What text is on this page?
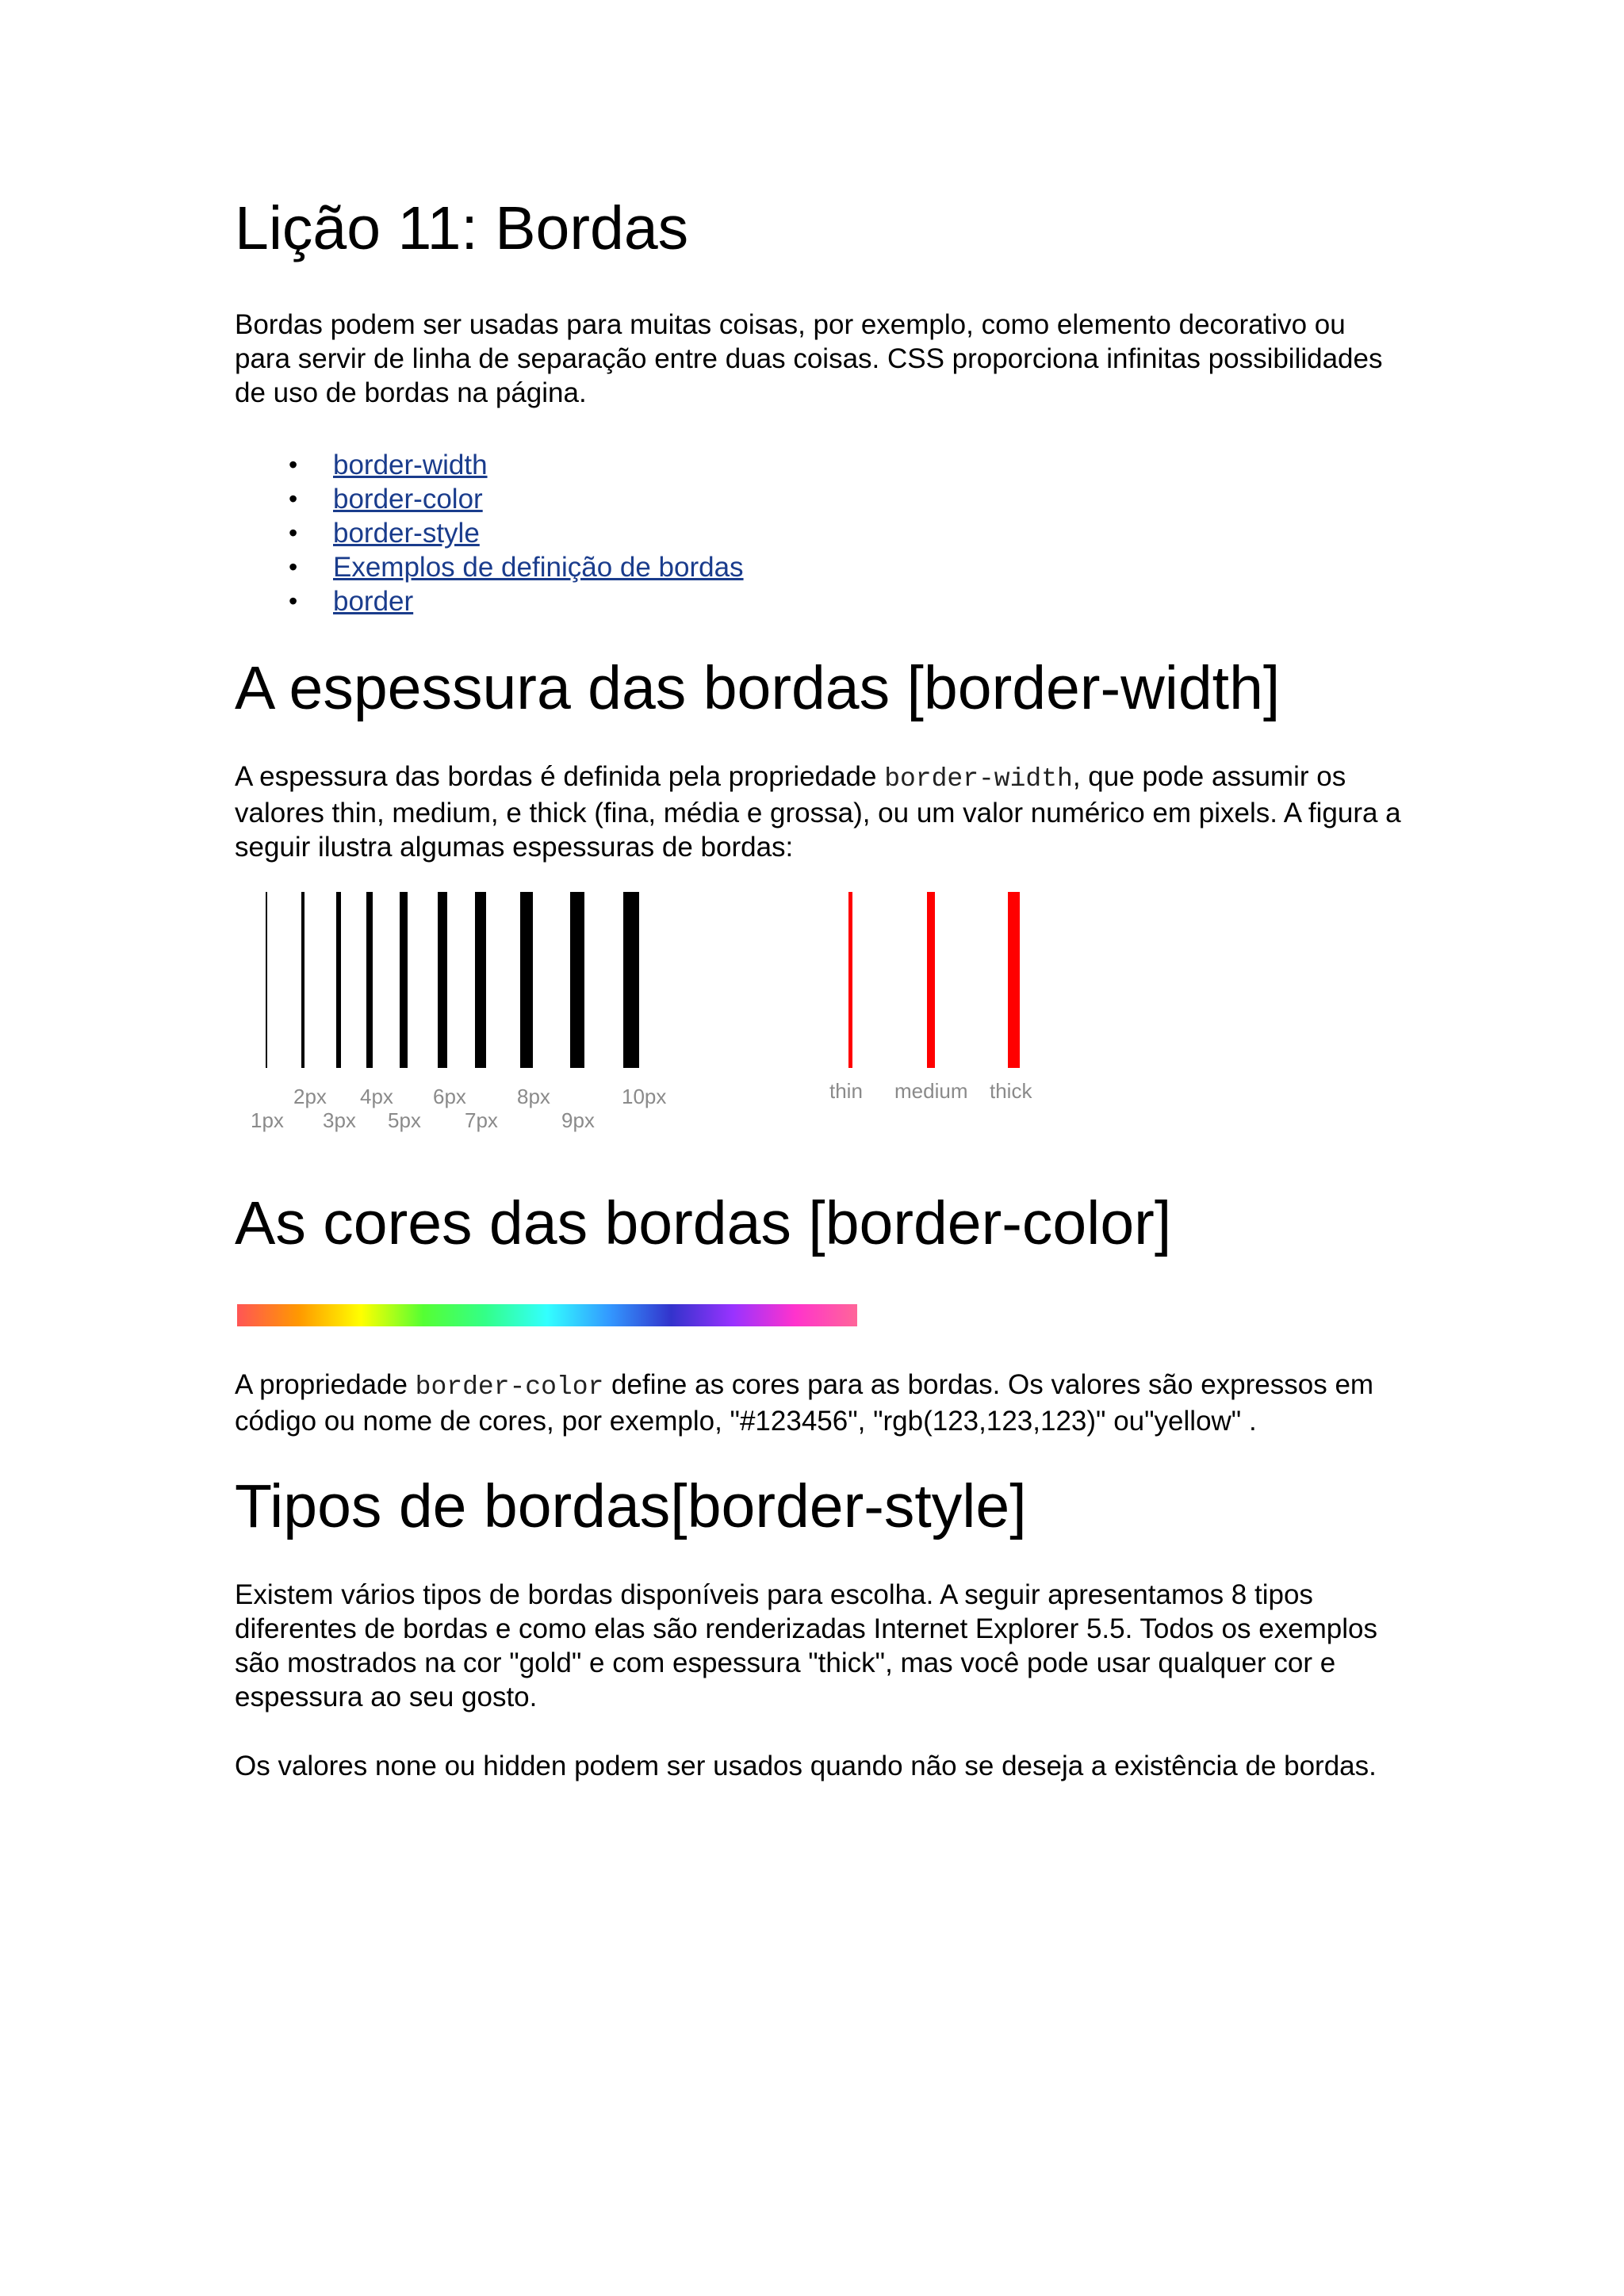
Lição 11: Bordas

Bordas podem ser usadas para muitas coisas, por exemplo, como elemento decorativo ou para servir de linha de separação entre duas coisas. CSS proporciona infinitas possibilidades de uso de bordas na página.

• border-width
• border-color
• border-style
• Exemplos de definição de bordas
• border
A espessura das bordas [border-width]

A espessura das bordas é definida pela propriedade border-width, que pode assumir os valores thin, medium, e thick (fina, média e grossa), ou um valor numérico em pixels. A figura a seguir ilustra algumas espessuras de bordas:

1px
2px
3px
4px
5px
6px
7px
8px
9px
10px	thin medium thick
As cores das bordas [border-color]

A propriedade border-color define as cores para as bordas. Os valores são expressos em código ou nome de cores, por exemplo, "#123456", "rgb(123,123,123)" ou"yellow" .

Tipos de bordas[border-style]

Existem vários tipos de bordas disponíveis para escolha. A seguir apresentamos 8 tipos diferentes de bordas e como elas são renderizadas Internet Explorer 5.5. Todos os exemplos são mostrados na cor "gold" e com espessura "thick", mas você pode usar qualquer cor e espessura ao seu gosto.

Os valores none ou hidden podem ser usados quando não se deseja a existência de bordas.
